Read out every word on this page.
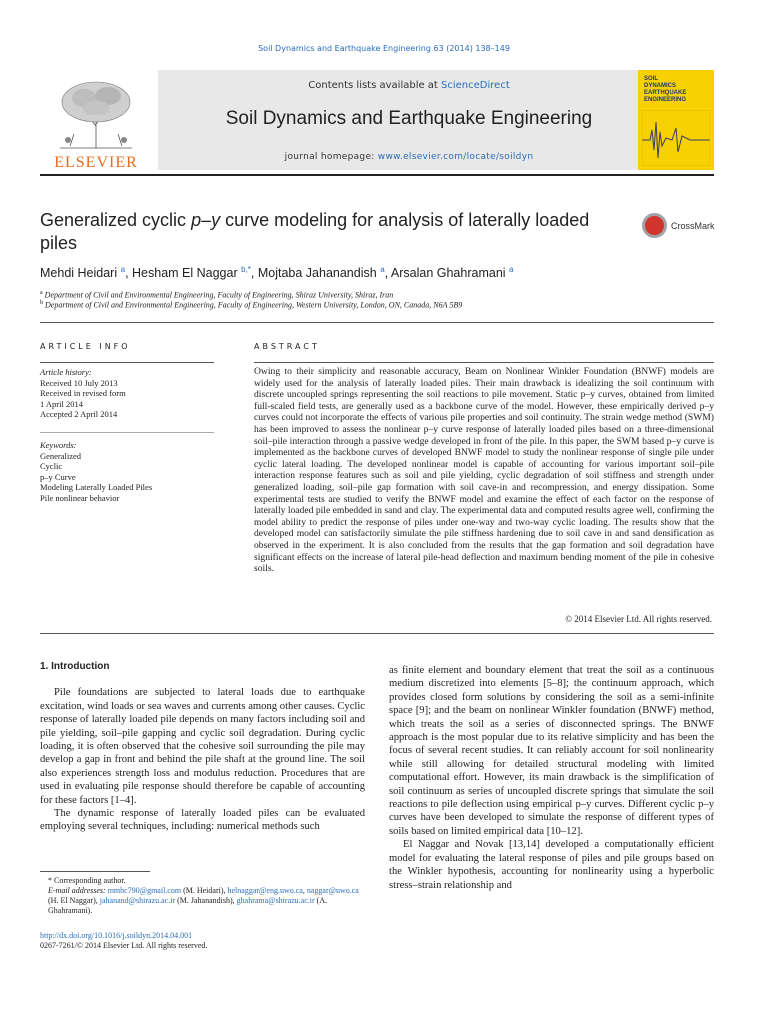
Soil Dynamics and Earthquake Engineering 63 (2014) 138–149
ELSEVIER
Contents lists available at ScienceDirect
Soil Dynamics and Earthquake Engineering
journal homepage: www.elsevier.com/locate/soildyn
SOIL
DYNAMICS
EARTHQUAKE
ENGINEERING
Generalized cyclic p–y curve modeling for analysis of laterally loaded piles
CrossMark
Mehdi Heidari $^a$, Hesham El Naggar $^{b,*}$, Mojtaba Jahanandish $^a$, Arsalan Ghahramani $^a$
$^a$ Department of Civil and Environmental Engineering, Faculty of Engineering, Shiraz University, Shiraz, Iran
$^b$ Department of Civil and Environmental Engineering, Faculty of Engineering, Western University, London, ON, Canada, N6A 5B9
ARTICLE INFO	ABSTRACT
Article history:
Received 10 July 2013
Received in revised form
1 April 2014
Accepted 2 April 2014
Keywords:
Generalized
Cyclic
p–y Curve
Modeling Laterally Loaded Piles
Pile nonlinear behavior
Owing to their simplicity and reasonable accuracy, Beam on Nonlinear Winkler Foundation (BNWF) models are widely used for the analysis of laterally loaded piles. Their main drawback is idealizing the soil continuum with discrete uncoupled springs representing the soil reactions to pile movement. Static p–y curves, obtained from limited full-scaled field tests, are generally used as a backbone curve of the model. However, these empirically derived p–y curves could not incorporate the effects of various pile properties and soil continuity. The strain wedge method (SWM) has been improved to assess the nonlinear p–y curve response of laterally loaded piles based on a three-dimensional soil–pile interaction through a passive wedge developed in front of the pile. In this paper, the SWM based p–y curve is implemented as the backbone curves of developed BNWF model to study the nonlinear response of single pile under cyclic lateral loading. The developed nonlinear model is capable of accounting for various important soil–pile interaction response features such as soil and pile yielding, cyclic degradation of soil stiffness and strength under generalized loading, soil–pile gap formation with soil cave-in and recompression, and energy dissipation. Some experimental tests are studied to verify the BNWF model and examine the effect of each factor on the response of laterally loaded pile embedded in sand and clay. The experimental data and computed results agree well, confirming the model ability to predict the response of piles under one-way and two-way cyclic loading. The results show that the developed model can satisfactorily simulate the pile stiffness hardening due to soil cave in and sand densification as observed in the experiment. It is also concluded from the results that the gap formation and soil degradation have significant effects on the increase of lateral pile-head deflection and maximum bending moment of the pile in cohesive soils.
© 2014 Elsevier Ltd. All rights reserved.
1. Introduction

Pile foundations are subjected to lateral loads due to earthquake excitation, wind loads or sea waves and currents among other causes. Cyclic response of laterally loaded pile depends on many factors including soil and pile yielding, soil–pile gapping and cyclic soil degradation. During cyclic loading, it is often observed that the cohesive soil surrounding the pile may develop a gap in front and behind the pile shaft at the ground line. The soil also experiences strength loss and modulus reduction. Procedures that are used in evaluating pile response should therefore be capable of accounting for these factors [1–4].

The dynamic response of laterally loaded piles can be evaluated employing several techniques, including: numerical methods such

as finite element and boundary element that treat the soil as a continuous medium discretized into elements [5–8]; the continuum approach, which provides closed form solutions by considering the soil as a semi-infinite space [9]; and the beam on nonlinear Winkler foundation (BNWF) method, which treats the soil as a series of disconnected springs. The BNWF approach is the most popular due to its relative simplicity and has been the focus of several recent studies. It can reliably account for soil nonlinearity while still allowing for detailed structural modeling with limited computational effort. However, its main drawback is the simplification of soil continuum as series of uncoupled discrete springs that simulate the soil reactions to pile deflection using empirical p–y curves. Different cyclic p–y curves have been developed to simulate the response of different types of soils based on limited empirical data [10–12].

El Naggar and Novak [13,14] developed a computationally efficient model for evaluating the lateral response of piles and pile groups based on the Winkler hypothesis, accounting for nonlinearity using a hyperbolic stress–strain relationship and

* Corresponding author.
E-mail addresses: mmhc790@gmail.com (M. Heidari), helnaggar@eng.uwo.ca, naggar@uwo.ca (H. El Naggar), jahanand@shirazu.ac.ir (M. Jahanandish), ghahrama@shirazu.ac.ir (A. Ghahramani).
http://dx.doi.org/10.1016/j.soildyn.2014.04.001
0267-7261/© 2014 Elsevier Ltd. All rights reserved.
